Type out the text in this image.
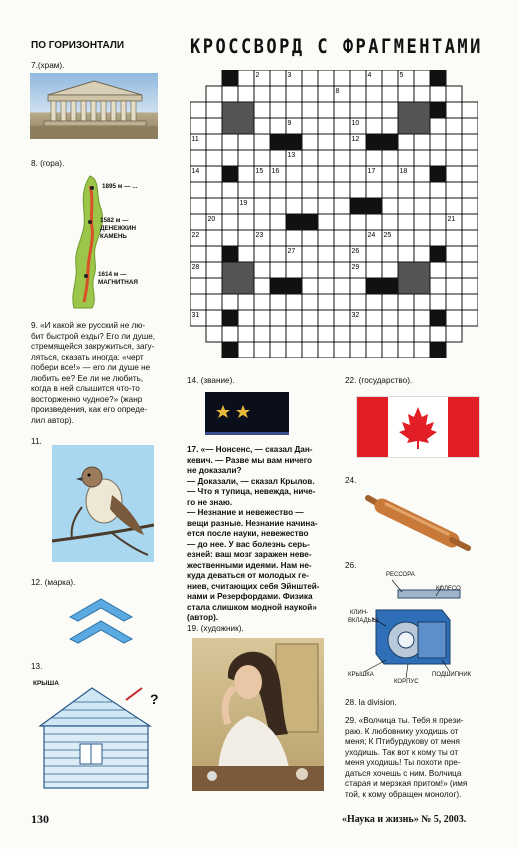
ПО ГОРИЗОНТАЛИ	КРОССВОРД С ФРАГМЕНТАМИ
7.(храм).
8. (гора).
1895 м — ...
1582 м —
ДЕНЕЖКИН
КАМЕНЬ
1614 м —
МАГНИТНАЯ
9. «И какой же русский не лю-
бит быстрой езды? Его ли душе,
стремящейся закружиться, загу-
ляться, сказать иногда: «черт
побери все!» — его ли душе не
любить ее? Ее ли не любить,
когда в ней слышится что-то
восторженно чудное?» (жанр
произведения, как его опреде-
лил автор).
11.
12. (марка).
13.
КРЫША
?
2	3	4	5
8
9	10
11	12
13
14	15 16	17	18
19
20	21
22	23	24 25
27	26
28	29
31	32
14. (звание).
17. «— Нонсенс, — сказал Дан-
кевич. — Разве мы вам ничего
не доказали?
— Доказали, — сказал Крылов.
— Что я тупица, невежда, ниче-
го не знаю.
— Незнание и невежество —
вещи разные. Незнание начина-
ется после науки, невежество
— до нее. У вас болезнь серь-
езней: ваш мозг заражен неве-
жественными идеями. Нам не-
куда деваться от молодых ге-
ниев, считающих себя Эйнштей-
нами и Резерфордами. Физика
стала слишком модной наукой»
(автор).
19. (художник).
22. (государство).
24.
26.
РЕССОРА
КОЛЕСО
КЛИН-
ВКЛАДЫШ
КРЫШКА
КОРПУС
ПОДШИПНИК
28. la division.
29. «Волчица ты. Тебя я прези-
раю. К любовнику уходишь от
меня; К Птибурдукову от меня
уходишь. Так вот к кому ты от
меня уходишь! Ты похоти пре-
даться хочешь с ним. Волчица
старая и мерзкая притом!» (имя
той, к кому обращен монолог).
130	«Наука и жизнь» № 5, 2003.
